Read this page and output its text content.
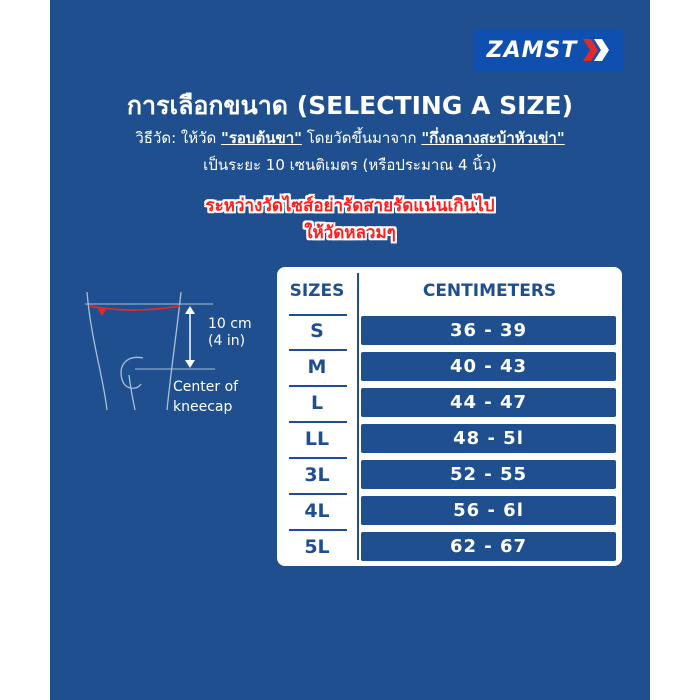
ZAMST
การเลือกขนาด (SELECTING A SIZE)
วิธีวัด: ให้วัด "รอบต้นขา" โดยวัดขึ้นมาจาก "กึ่งกลางสะบ้าหัวเข่า"
เป็นระยะ 10 เซนติเมตร (หรือประมาณ 4 นิ้ว)
ระหว่างวัดไซส์อย่ารัดสายรัดแน่นเกินไป
ให้วัดหลวมๆ
10 cm
(4 in)
Center of
kneecap
SIZES	CENTIMETERS
S	36 - 39
M	40 - 43
L	44 - 47
LL	48 - 5l
3L	52 - 55
4L	56 - 6l
5L	62 - 67
